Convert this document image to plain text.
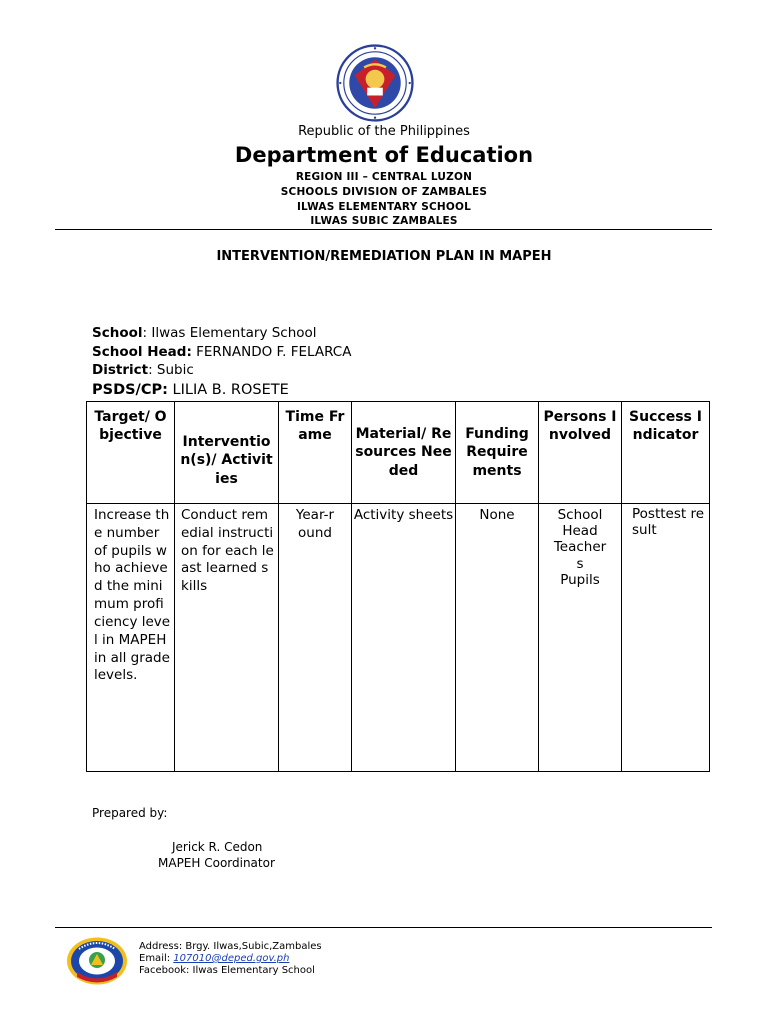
Republic of the Philippines
Department of Education
REGION III – CENTRAL LUZON
SCHOOLS DIVISION OF ZAMBALES
ILWAS ELEMENTARY SCHOOL
ILWAS SUBIC ZAMBALES
INTERVENTION/REMEDIATION PLAN IN MAPEH
School: Ilwas Elementary School
School Head: FERNANDO F. FELARCA
District: Subic
PSDS/CP: LILIA B. ROSETE
Target/ Objective	Interventio n(s)/ Activities	Time Frame	Material/ Resources Needed	Funding Requirements	Persons Involved	Success Indicator
Increase the number of pupils who achieved the minimum proficiency level in MAPEH in all grade levels.	Conduct remedial instruction for each least learned skills	Year-round	Activity sheets	None	School Head
Teachers
Pupils	Posttest result
Prepared by:
Jerick R. Cedon
MAPEH Coordinator
Address: Brgy. Ilwas,Subic,Zambales
Email: 107010@deped.gov.ph
Facebook: Ilwas Elementary School
